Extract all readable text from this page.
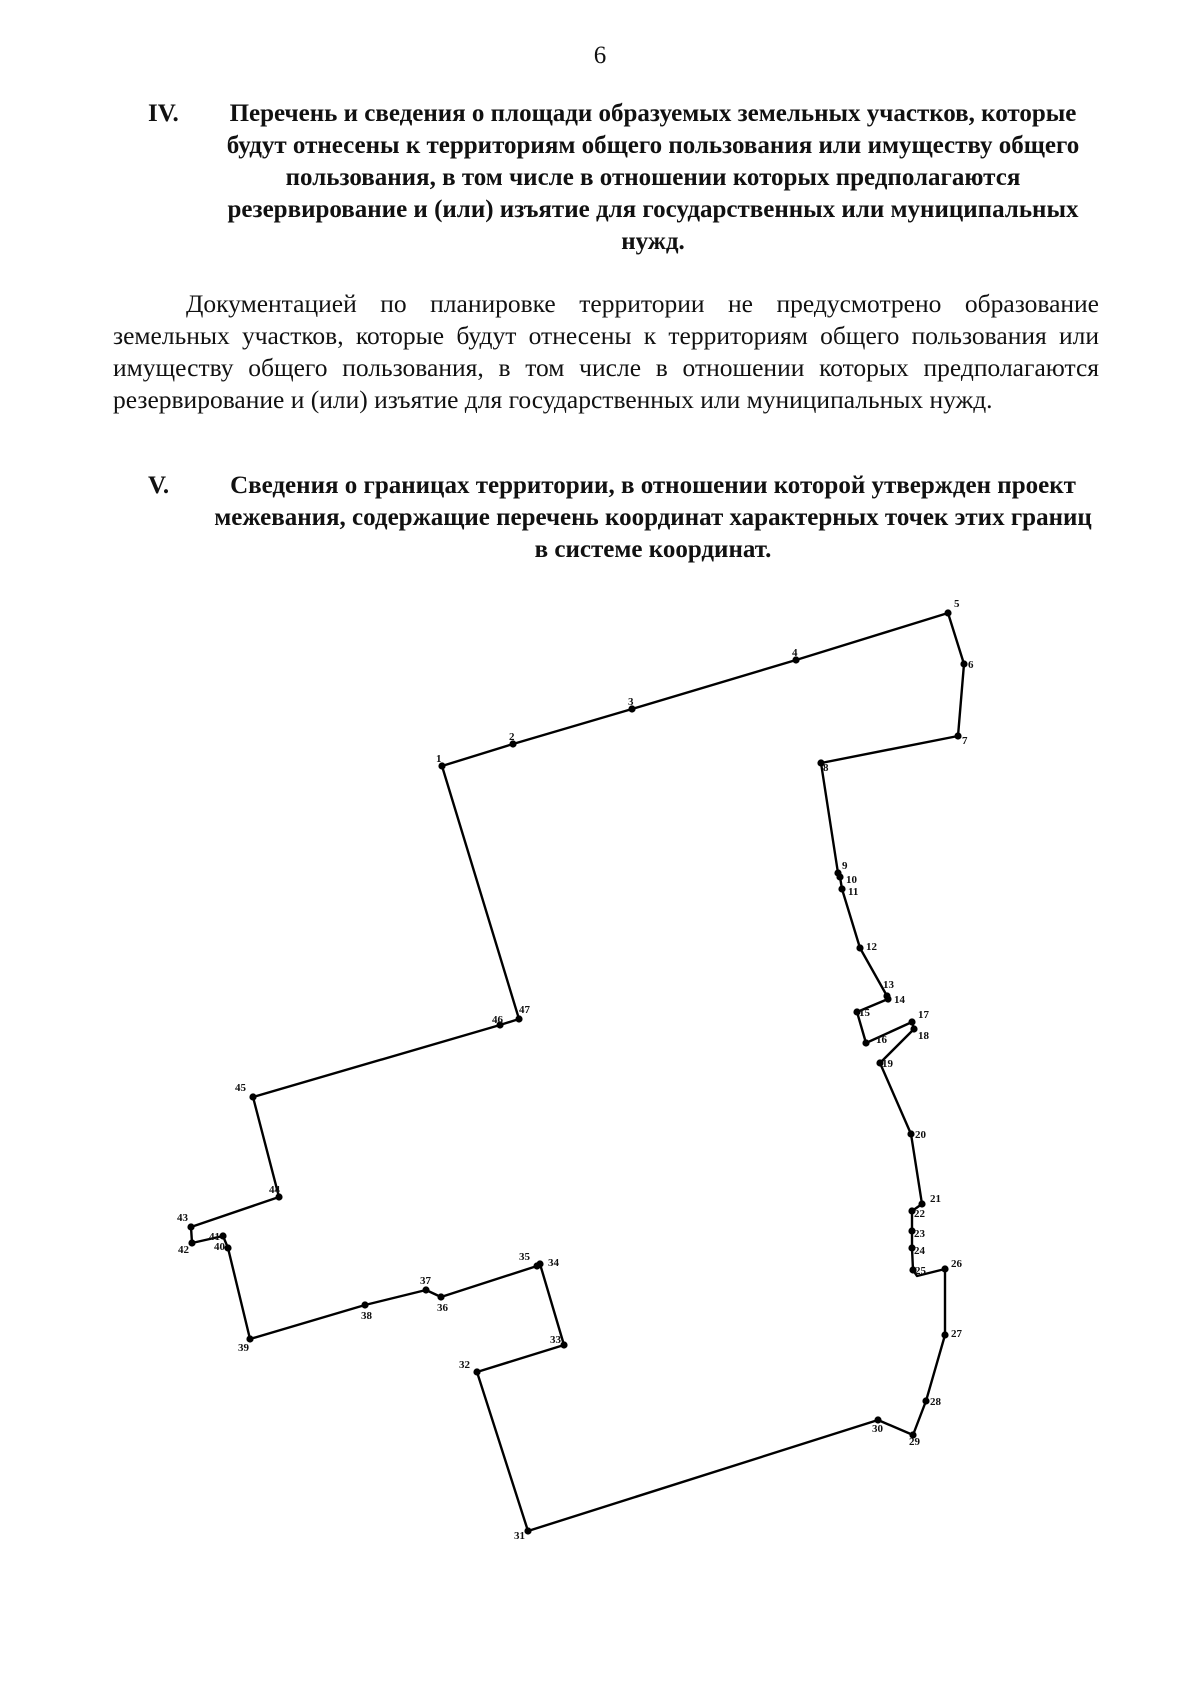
6
IV.	Перечень и сведения о площади образуемых земельных участков, которые будут отнесены к территориям общего пользования или имуществу общего пользования, в том числе в отношении которых предполагаются резервирование и (или) изъятие для государственных или муниципальных нужд.
Документацией по планировке территории не предусмотрено образование земельных участков, которые будут отнесены к территориям общего пользования или имуществу общего пользования, в том числе в отношении которых предполагаются резервирование и (или) изъятие для государственных или муниципальных нужд.
V.	Сведения о границах территории, в отношении которой утвержден проект межевания, содержащие перечень координат характерных точек этих границ в системе координат.
1
2
3
4
5
6
7
8
9
10
11
12
13
14
15
16
17
18
19
20
21
22
23
24
25
26
27
28
29
30
31
32
33
34
35
36
37
38
39
40
41
42
43
44
45
46
47
